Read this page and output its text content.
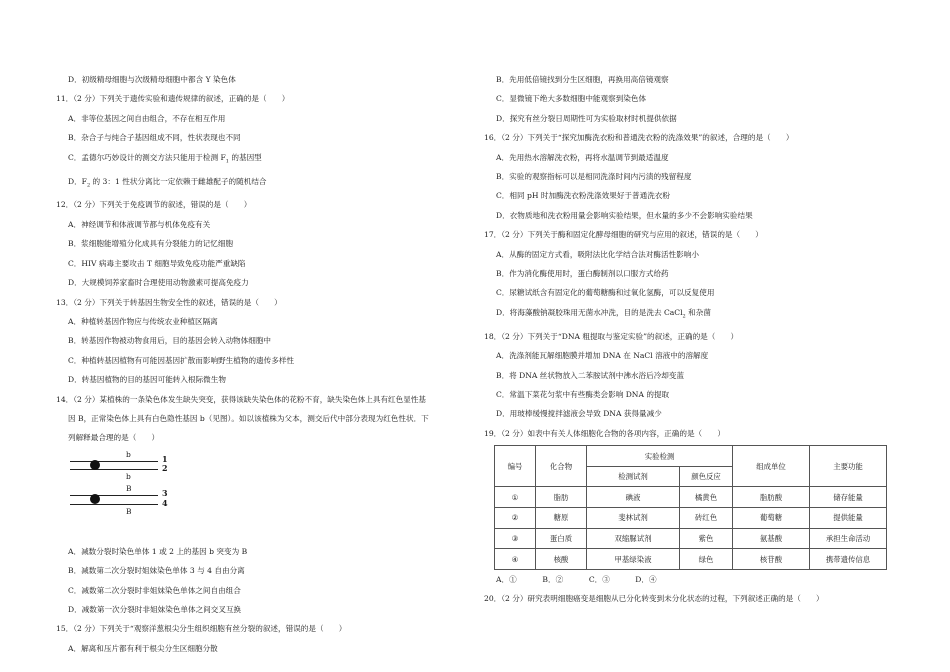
D．初级精母细胞与次级精母细胞中都含 Y 染色体
11．（2 分）下列关于遗传实验和遗传规律的叙述，正确的是（　　）
A．非等位基因之间自由组合，不存在相互作用
B．杂合子与纯合子基因组成不同，性状表现也不同
C．孟德尔巧妙设计的测交方法只能用于检测 $F_1$ 的基因型
D．$F_2$ 的 3：1 性状分离比一定依赖于雌雄配子的随机结合
12．（2 分）下列关于免疫调节的叙述，错误的是（　　）
A．神经调节和体液调节都与机体免疫有关
B．浆细胞能增殖分化成具有分裂能力的记忆细胞
C．HIV 病毒主要攻击 T 细胞导致免疫功能严重缺陷
D．大规模饲养家畜时合理使用动物激素可提高免疫力
13．（2 分）下列关于转基因生物安全性的叙述，错误的是（　　）
A．种植转基因作物应与传统农业种植区隔离
B．转基因作物被动物食用后，目的基因会转入动物体细胞中
C．种植转基因植物有可能因基因扩散而影响野生植物的遗传多样性
D．转基因植物的目的基因可能转入根际微生物
14．（2 分）某植株的一条染色体发生缺失突变，获得该缺失染色体的花粉不育，缺失染色体上具有红色显性基
因 B，正常染色体上具有白色隐性基因 b（见图）。如以该植株为父本，测交后代中部分表现为红色性状．下
列解释最合理的是（　　）
b	1
2
b
B	3
4
B
A．减数分裂时染色单体 1 或 2 上的基因 b 突变为 B
B．减数第二次分裂时姐妹染色单体 3 与 4 自由分离
C．减数第二次分裂时非姐妹染色单体之间自由组合
D．减数第一次分裂时非姐妹染色单体之间交叉互换
15．（2 分）下列关于“观察洋葱根尖分生组织细胞有丝分裂的叙述，错误的是（　　）
A．解离和压片都有利于根尖分生区细胞分散
B．先用低倍镜找到分生区细胞，再换用高倍镜观察
C．显微镜下绝大多数细胞中能观察到染色体
D．探究有丝分裂日周期性可为实验取材时机提供依据
16．（2 分）下列关于“探究加酶洗衣粉和普通洗衣粉的洗涤效果”的叙述，合理的是（　　）
A．先用热水溶解洗衣粉，再将水温调节到最适温度
B．实验的观察指标可以是相同洗涤时间内污渍的残留程度
C．相同 pH 时加酶洗衣粉洗涤效果好于普通洗衣粉
D．衣物质地和洗衣粉用量会影响实验结果，但水量的多少不会影响实验结果
17．（2 分）下列关于酶和固定化酵母细胞的研究与应用的叙述，错误的是（　　）
A．从酶的固定方式看，吸附法比化学结合法对酶活性影响小
B．作为消化酶使用时，蛋白酶制剂以口服方式给药
C．尿糖试纸含有固定化的葡萄糖酶和过氧化氢酶，可以反复使用
D．将海藻酸钠凝胶珠用无菌水冲洗，目的是洗去 CaCl$_2$ 和杂菌
18．（2 分）下列关于“DNA 粗提取与鉴定实验”的叙述，正确的是（　　）
A．洗涤剂能瓦解细胞膜并增加 DNA 在 NaCl 溶液中的溶解度
B．将 DNA 丝状物放入二苯胺试剂中沸水浴后冷却变蓝
C．常温下菜花匀浆中有些酶类会影响 DNA 的提取
D．用玻棒缓慢搅拌滤液会导致 DNA 获得量减少
19．（2 分）如表中有关人体细胞化合物的各项内容，正确的是（　　）
编号	化合物	实验检测		组成单位	主要功能
		检测试剂	颜色反应		
①	脂肪	碘液	橘黄色	脂肪酸	储存能量
②	糖原	斐林试剂	砖红色	葡萄糖	提供能量
③	蛋白质	双缩脲试剂	紫色	氨基酸	承担生命活动
④	核酸	甲基绿染液	绿色	核苷酸	携带遗传信息
A．①	B．②	C．③	D．④
20．（2 分）研究表明细胞癌变是细胞从已分化转变到未分化状态的过程，下列叙述正确的是（　　）
